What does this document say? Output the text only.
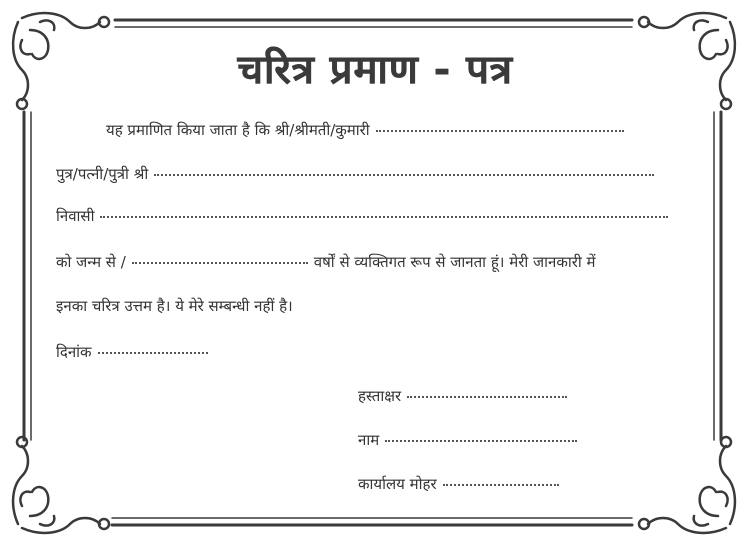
चरित्र प्रमाण - पत्र
यह प्रमाणित किया जाता है कि श्री/श्रीमती/कुमारी
पुत्र/पत्नी/पुत्री श्री
निवासी
को जन्म से /	वर्षों से व्यक्तिगत रूप से जानता हूं। मेरी जानकारी में
इनका चरित्र उत्तम है। ये मेरे सम्बन्धी नहीं है।
दिनांक
हस्ताक्षर
नाम
कार्यालय मोहर
